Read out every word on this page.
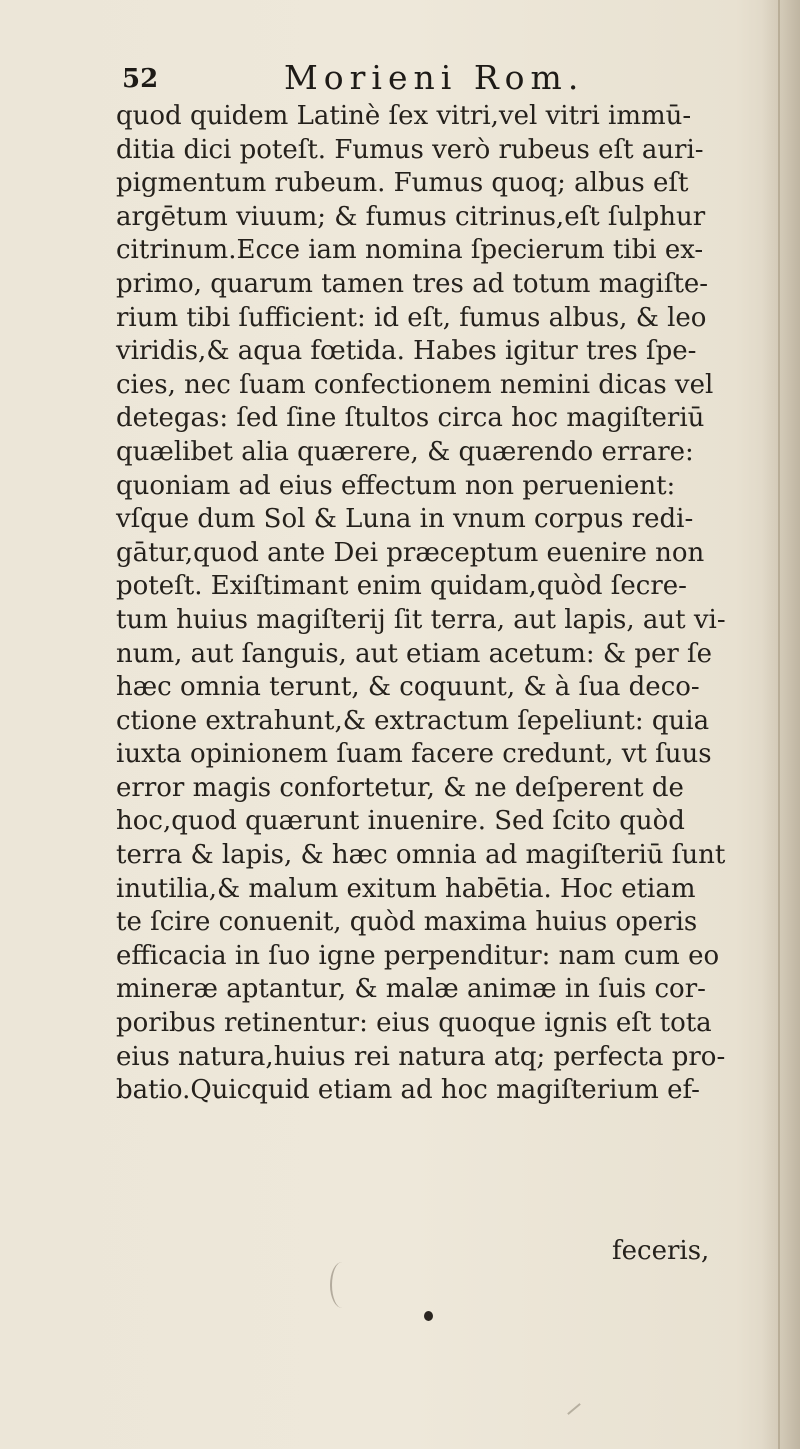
52	Morieni Rom.
quod quidem Latinè ſex vitri,vel vitri immū-
ditia dici poteſt. Fumus verò rubeus eſt auri-
pigmentum rubeum. Fumus quoq; albus eſt
argētum viuum; & fumus citrinus,eſt ſulphur
citrinum.Ecce iam nomina ſpecierum tibi ex-
primo, quarum tamen tres ad totum magiſte-
rium tibi ſufficient: id eſt, fumus albus, & leo
viridis,& aqua fœtida. Habes igitur tres ſpe-
cies, nec ſuam confectionem nemini dicas vel
detegas: ſed ſine ſtultos circa hoc magiſteriū
quælibet alia quærere, & quærendo errare:
quoniam ad eius effectum non peruenient:
vſque dum Sol & Luna in vnum corpus redi-
gātur,quod ante Dei præceptum euenire non
poteſt. Exiſtimant enim quidam,quòd ſecre-
tum huius magiſterij ſit terra, aut lapis, aut vi-
num, aut ſanguis, aut etiam acetum: & per ſe
hæc omnia terunt, & coquunt, & à ſua deco-
ctione extrahunt,& extractum ſepeliunt: quia
iuxta opinionem ſuam facere credunt, vt ſuus
error magis confortetur, & ne deſperent de
hoc,quod quærunt inuenire. Sed ſcito quòd
terra & lapis, & hæc omnia ad magiſteriū ſunt
inutilia,& malum exitum habētia. Hoc etiam
te ſcire conuenit, quòd maxima huius operis
efficacia in ſuo igne perpenditur: nam cum eo
mineræ aptantur, & malæ animæ in ſuis cor-
poribus retinentur: eius quoque ignis eſt tota
eius natura,huius rei natura atq; perfecta pro-
batio.Quicquid etiam ad hoc magiſterium ef-
feceris,
